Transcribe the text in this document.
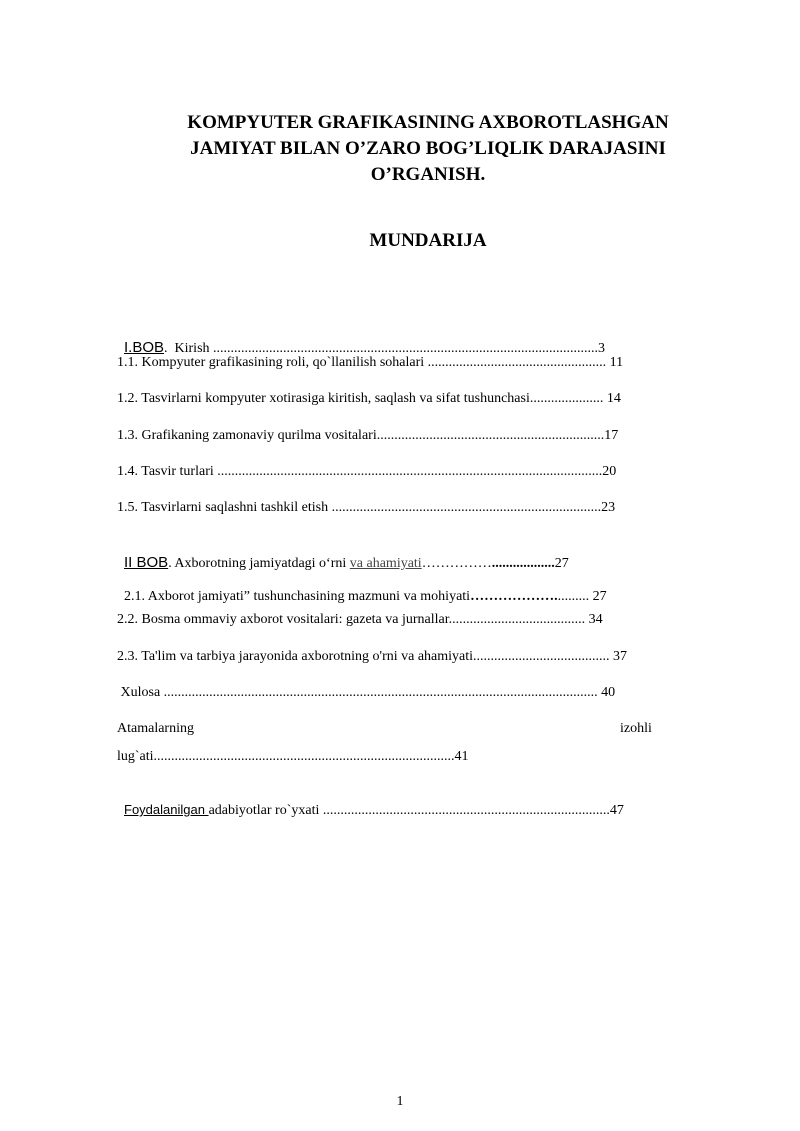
KOMPYUTER GRAFIKASINING AXBOROTLASHGAN
JAMIYAT BILAN O’ZARO BOG’LIQLIK DARAJASINI
O’RGANISH.
MUNDARIJA

I.BOB.  Kirish ..............................................................................................................3

1.1. Kompyuter grafikasining roli, qo`llanilish sohalari ................................................... 11
1.2. Tasvirlarni kompyuter xotirasiga kiritish, saqlash va sifat tushunchasi..................... 14
1.3. Grafikaning zamonaviy qurilma vositalari.................................................................17
1.4. Tasvir turlari ..............................................................................................................20
1.5. Tasvirlarni saqlashni tashkil etish .............................................................................23

II BOB. Axborotning jamiyatdagi o‘rni va ahamiyati……………..................27

2.1. Axborot jamiyati” tushunchasining mazmuni va mohiyati……………….......... 27

2.2. Bosma ommaviy axborot vositalari: gazeta va jurnallar....................................... 34
2.3. Ta'lim va tarbiya jarayonida axborotning o'rni va ahamiyati....................................... 37
Xulosa ............................................................................................................................ 40
Atamalarning	izohli
lug`ati......................................................................................41

Foydalanilgan adabiyotlar ro`yxati ..................................................................................47

1
